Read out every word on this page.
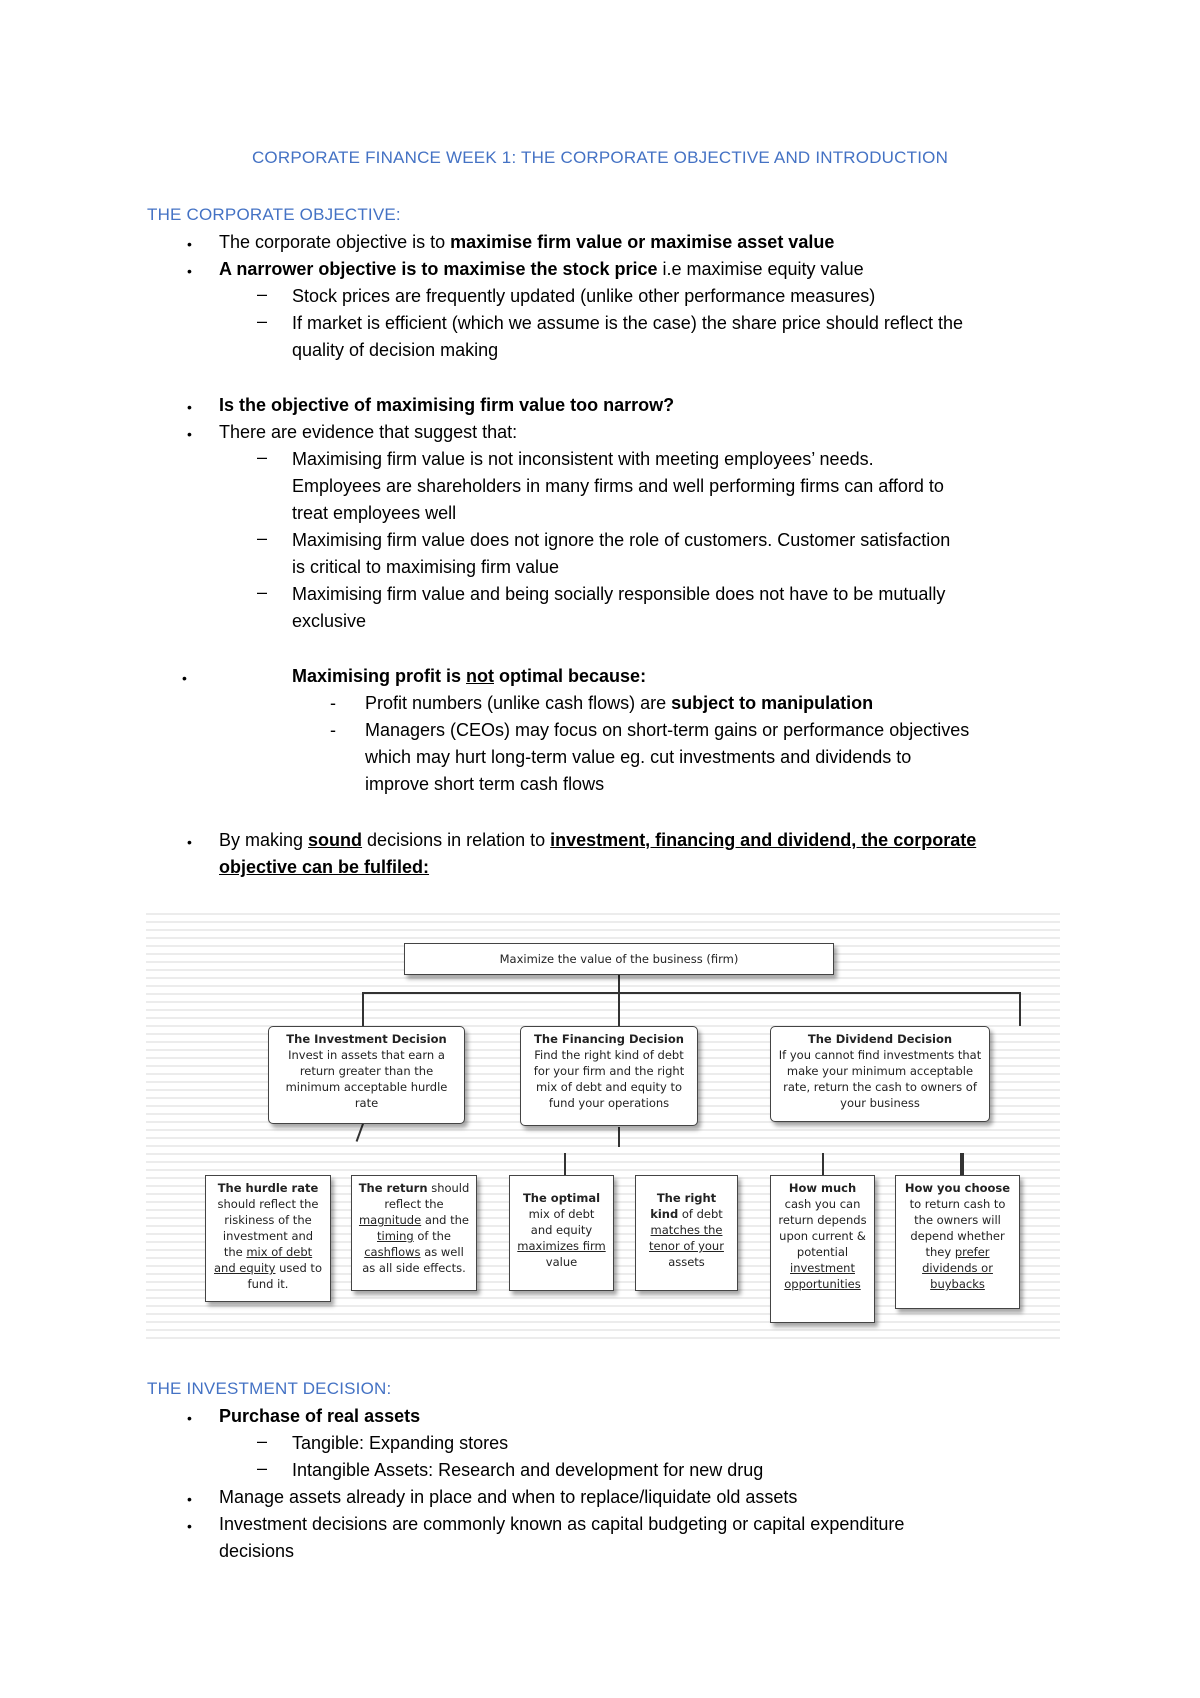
CORPORATE FINANCE WEEK 1: THE CORPORATE OBJECTIVE AND INTRODUCTION
THE CORPORATE OBJECTIVE:
• The corporate objective is to maximise firm value or maximise asset value
• A narrower objective is to maximise the stock price i.e maximise equity value
– Stock prices are frequently updated (unlike other performance measures)
– If market is efficient (which we assume is the case) the share price should reflect the
quality of decision making
• Is the objective of maximising firm value too narrow?
• There are evidence that suggest that:
– Maximising firm value is not inconsistent with meeting employees’ needs.
Employees are shareholders in many firms and well performing firms can afford to
treat employees well
– Maximising firm value does not ignore the role of customers. Customer satisfaction
is critical to maximising firm value
– Maximising firm value and being socially responsible does not have to be mutually
exclusive
•	Maximising profit is not optimal because:
- Profit numbers (unlike cash flows) are subject to manipulation
- Managers (CEOs) may focus on short-term gains or performance objectives
which may hurt long-term value eg. cut investments and dividends to
improve short term cash flows
• By making sound decisions in relation to investment, financing and dividend, the corporate
objective can be fulfiled:
Maximize the value of the business (firm)
The Investment Decision
Invest in assets that earn a return greater than the minimum acceptable hurdle rate
The Financing Decision
Find the right kind of debt for your firm and the right mix of debt and equity to fund your operations
The Dividend Decision
If you cannot find investments that make your minimum acceptable rate, return the cash to owners of your business
The hurdle rate should reflect the riskiness of the investment and the mix of debt and equity used to fund it.
The return should reflect the magnitude and the timing of the cashflows as well as all side effects.
The optimal mix of debt and equity maximizes firm value
The right kind of debt matches the tenor of your assets
How much cash you can return depends upon current & potential investment opportunities
How you choose to return cash to the owners will depend whether they prefer dividends or buybacks
THE INVESTMENT DECISION:
• Purchase of real assets
– Tangible: Expanding stores
– Intangible Assets: Research and development for new drug
• Manage assets already in place and when to replace/liquidate old assets
• Investment decisions are commonly known as capital budgeting or capital expenditure
decisions
